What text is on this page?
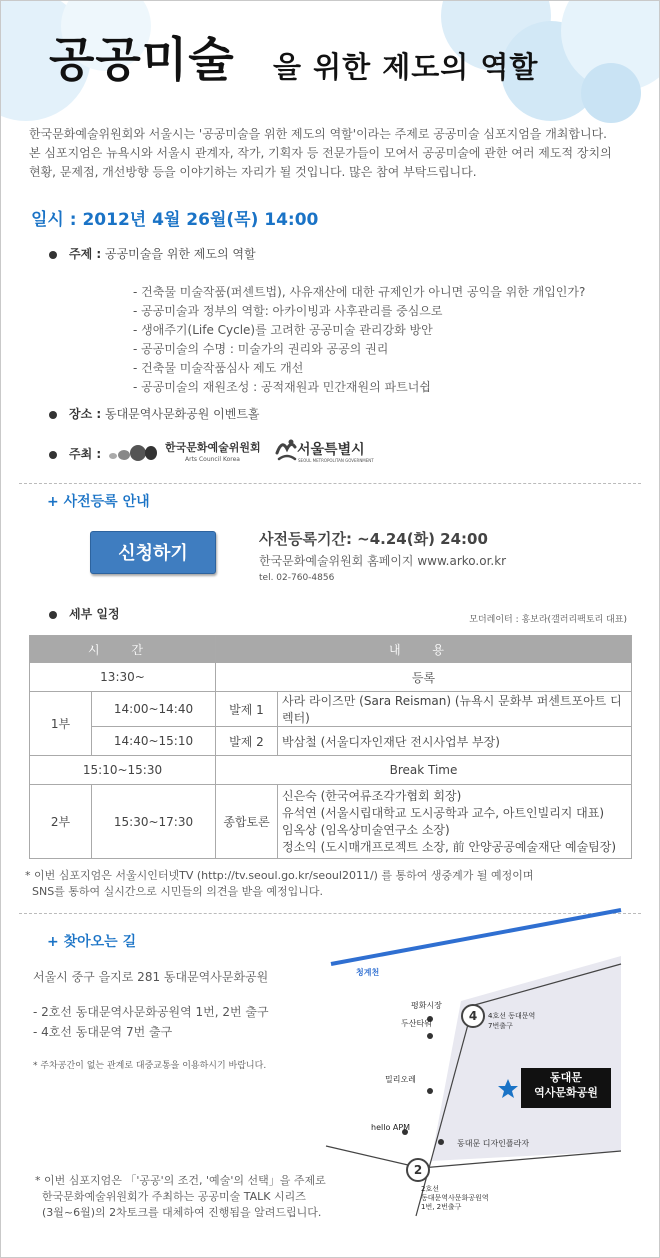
공공미술 을 위한 제도의 역할
한국문화예술위원회와 서울시는 '공공미술을 위한 제도의 역할'이라는 주제로 공공미술 심포지엄을 개최합니다.
본 심포지엄은 뉴욕시와 서울시 관계자, 작가, 기획자 등 전문가들이 모여서 공공미술에 관한 여러 제도적 장치의
현황, 문제점, 개선방향 등을 이야기하는 자리가 될 것입니다. 많은 참여 부탁드립니다.
일시 : 2012년 4월 26월(목) 14:00
주제 : 공공미술을 위한 제도의 역할
- 건축물 미술작품(퍼센트법), 사유재산에 대한 규제인가 아니면 공익을 위한 개입인가?
- 공공미술과 정부의 역할: 아카이빙과 사후관리를 중심으로
- 생애주기(Life Cycle)를 고려한 공공미술 관리강화 방안
- 공공미술의 수명 : 미술가의 권리와 공공의 권리
- 건축물 미술작품심사 제도 개선
- 공공미술의 재원조성 : 공적재원과 민간재원의 파트너쉽
장소 : 동대문역사문화공원 이벤트홀
주최 :	한국문화예술위원회
Arts Council Korea
서울특별시
SEOUL METROPOLITAN GOVERNMENT
+ 사전등록 안내
신청하기
사전등록기간: ~4.24(화) 24:00
한국문화예술위원회 홈페이지 www.arko.or.kr
tel. 02-760-4856
세부 일정	모더레이터 : 홍보라(갤러리팩토리 대표)
시 간		내 용	
13:30~		등록	
1부	14:00~14:40	발제 1	사라 라이즈만 (Sara Reisman) (뉴욕시 문화부 퍼센트포아트 디렉터)
	14:40~15:10	발제 2	박삼철 (서울디자인재단 전시사업부 부장)
15:10~15:30		Break Time	
2부	15:30~17:30	종합토론	신은숙 (한국여류조각가협회 회장)
유석연 (서울시립대학교 도시공학과 교수, 아트인빌리지 대표)
임옥상 (임옥상미술연구소 소장)
정소익 (도시매개프로젝트 소장, 前 안양공공예술재단 예술팀장)
* 이번 심포지엄은 서울시인터넷TV (http://tv.seoul.go.kr/seoul2011/) 를 통하여 생중계가 될 예정이며
SNS를 통하여 실시간으로 시민들의 의견을 받을 예정입니다.
+ 찾아오는 길
서울시 중구 을지로 281 동대문역사문화공원
- 2호선 동대문역사문화공원역 1번, 2번 출구
- 4호선 동대문역 7번 출구
* 주차공간이 없는 관계로 대중교통을 이용하시기 바랍니다.
청계천
평화시장
두산타워
밀리오레
hello APM
동대문 디자인플라자
4 4호선 동대문역
7번출구
2
2호선
동대문역사문화공원역
1번, 2번출구
동대문
역사문화공원
* 이번 심포지엄은 「'공공'의 조건, '예술'의 선택」을 주제로
한국문화예술위원회가 주최하는 공공미술 TALK 시리즈
(3월~6월)의 2차토크를 대체하여 진행됨을 알려드립니다.
